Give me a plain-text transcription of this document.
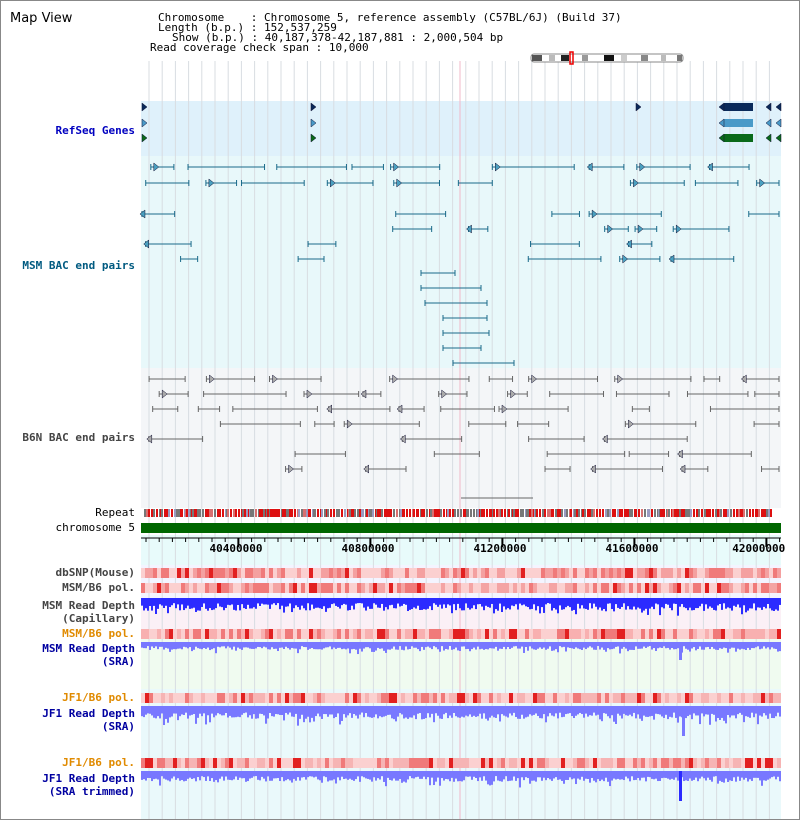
Map View	Chromosome    : Chromosome 5, reference assembly (C57BL/6J) (Build 37)
Length (b.p.) : 152,537,259
Show (b.p.) : 40,187,378-42,187,881 : 2,000,504 bp
Read coverage check span : 10,000
RefSeq Genes
MSM BAC end pairs
B6N BAC end pairs
Repeat
chromosome 5
dbSNP(Mouse)
MSM/B6 pol.
MSM Read Depth
(Capillary)
MSM/B6 pol.
MSM Read Depth
(SRA)
JF1/B6 pol.
JF1 Read Depth
(SRA)
JF1/B6 pol.
JF1 Read Depth
(SRA trimmed)
40400000	40800000	41200000	41600000	42000000
